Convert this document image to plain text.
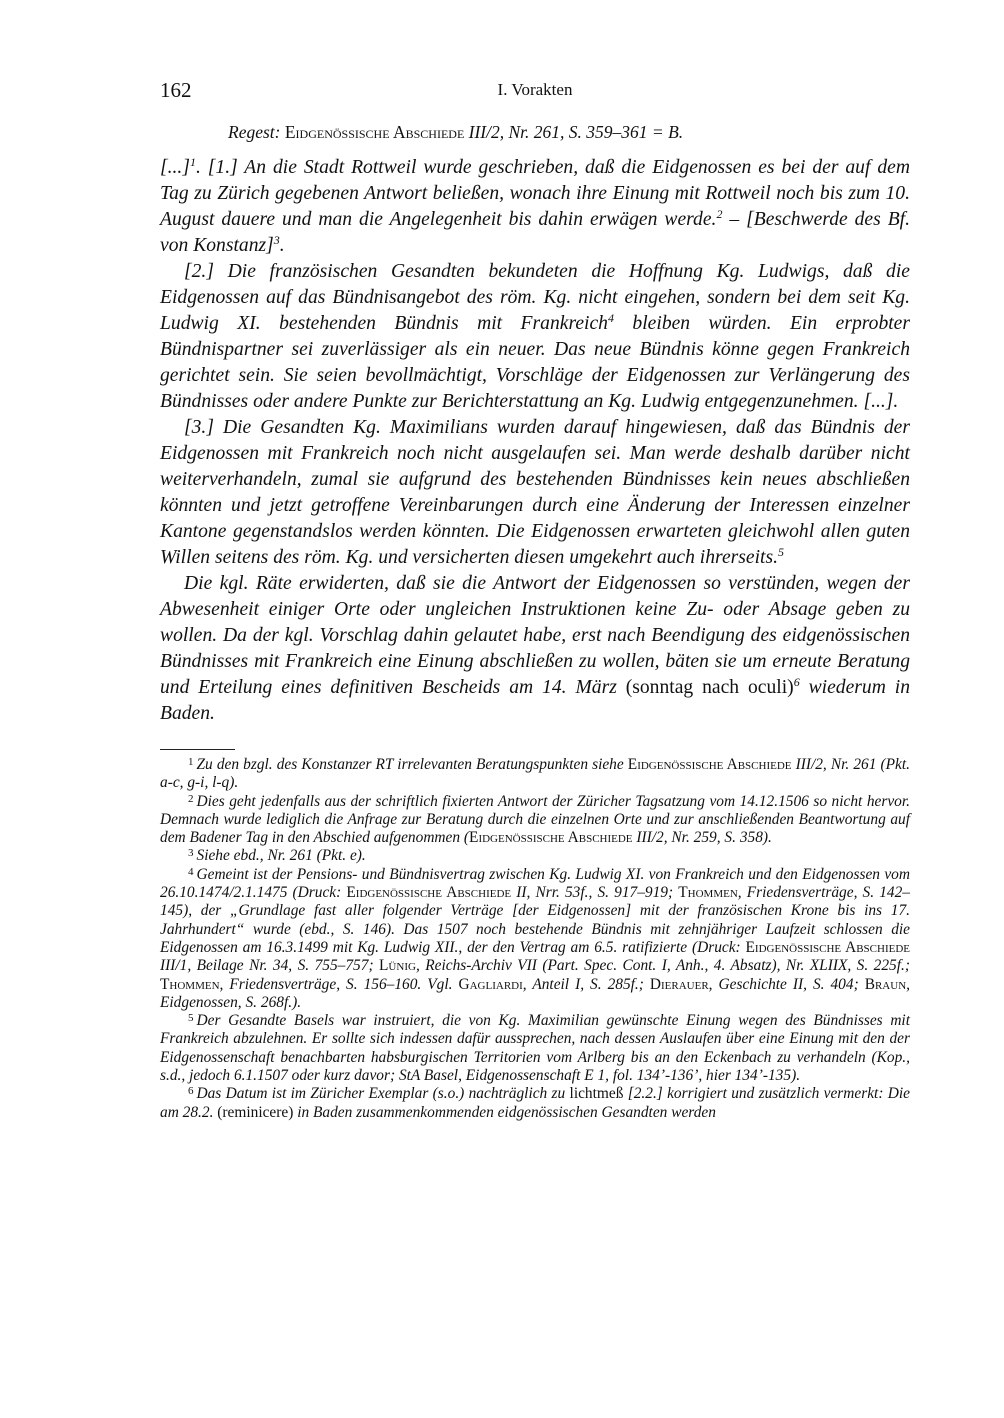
162	I. Vorakten
Regest: Eidgenössische Abschiede III/2, Nr. 261, S. 359–361 = B.

[...]$^1$. [1.] An die Stadt Rottweil wurde geschrieben, daß die Eidgenossen es bei der auf dem Tag zu Zürich gegebenen Antwort beließen, wonach ihre Einung mit Rottweil noch bis zum 10. August dauere und man die Angelegenheit bis dahin erwägen werde.$^2$ – [Beschwerde des Bf. von Konstanz]$^3$.

[2.] Die französischen Gesandten bekundeten die Hoffnung Kg. Ludwigs, daß die Eidgenossen auf das Bündnisangebot des röm. Kg. nicht eingehen, sondern bei dem seit Kg. Ludwig XI. bestehenden Bündnis mit Frankreich$^4$ bleiben würden. Ein erprobter Bündnispartner sei zuverlässiger als ein neuer. Das neue Bündnis könne gegen Frankreich gerichtet sein. Sie seien bevollmächtigt, Vorschläge der Eidgenossen zur Verlängerung des Bündnisses oder andere Punkte zur Berichterstattung an Kg. Ludwig entgegenzunehmen. [...].

[3.] Die Gesandten Kg. Maximilians wurden darauf hingewiesen, daß das Bündnis der Eidgenossen mit Frankreich noch nicht ausgelaufen sei. Man werde deshalb darüber nicht weiterverhandeln, zumal sie aufgrund des bestehenden Bündnisses kein neues abschließen könnten und jetzt getroffene Vereinbarungen durch eine Änderung der Interessen einzelner Kantone gegenstandslos werden könnten. Die Eidgenossen erwarteten gleichwohl allen guten Willen seitens des röm. Kg. und versicherten diesen umgekehrt auch ihrerseits.$^5$

Die kgl. Räte erwiderten, daß sie die Antwort der Eidgenossen so verstünden, wegen der Abwesenheit einiger Orte oder ungleichen Instruktionen keine Zu- oder Absage geben zu wollen. Da der kgl. Vorschlag dahin gelautet habe, erst nach Beendigung des eidgenössischen Bündnisses mit Frankreich eine Einung abschließen zu wollen, bäten sie um erneute Beratung und Erteilung eines definitiven Bescheids am 14. März (sonntag nach oculi)$^6$ wiederum in Baden.

$^1$ Zu den bzgl. des Konstanzer RT irrelevanten Beratungspunkten siehe Eidgenössische Abschiede III/2, Nr. 261 (Pkt. a-c, g-i, l-q).

$^2$ Dies geht jedenfalls aus der schriftlich fixierten Antwort der Züricher Tagsatzung vom 14.12.1506 so nicht hervor. Demnach wurde lediglich die Anfrage zur Beratung durch die einzelnen Orte und zur anschließenden Beantwortung auf dem Badener Tag in den Abschied aufgenommen (Eidgenössische Abschiede III/2, Nr. 259, S. 358).

$^3$ Siehe ebd., Nr. 261 (Pkt. e).

$^4$ Gemeint ist der Pensions- und Bündnisvertrag zwischen Kg. Ludwig XI. von Frankreich und den Eidgenossen vom 26.10.1474/2.1.1475 (Druck: Eidgenössische Abschiede II, Nrr. 53f., S. 917–919; Thommen, Friedensverträge, S. 142–145), der „Grundlage fast aller folgender Verträge [der Eidgenossen] mit der französischen Krone bis ins 17. Jahrhundert“ wurde (ebd., S. 146). Das 1507 noch bestehende Bündnis mit zehnjähriger Laufzeit schlossen die Eidgenossen am 16.3.1499 mit Kg. Ludwig XII., der den Vertrag am 6.5. ratifizierte (Druck: Eidgenössische Abschiede III/1, Beilage Nr. 34, S. 755–757; Lünig, Reichs-Archiv VII (Part. Spec. Cont. I, Anh., 4. Absatz), Nr. XLIIX, S. 225f.; Thommen, Friedensverträge, S. 156–160. Vgl. Gagliardi, Anteil I, S. 285f.; Dierauer, Geschichte II, S. 404; Braun, Eidgenossen, S. 268f.).

$^5$ Der Gesandte Basels war instruiert, die von Kg. Maximilian gewünschte Einung wegen des Bündnisses mit Frankreich abzulehnen. Er sollte sich indessen dafür aussprechen, nach dessen Auslaufen über eine Einung mit den der Eidgenossenschaft benachbarten habsburgischen Territorien vom Arlberg bis an den Eckenbach zu verhandeln (Kop., s.d., jedoch 6.1.1507 oder kurz davor; StA Basel, Eidgenossenschaft E 1, fol. 134’-136’, hier 134’-135).

$^6$ Das Datum ist im Züricher Exemplar (s.o.) nachträglich zu lichtmeß [2.2.] korrigiert und zusätzlich vermerkt: Die am 28.2. (reminicere) in Baden zusammenkommenden eidgenössischen Gesandten werden
